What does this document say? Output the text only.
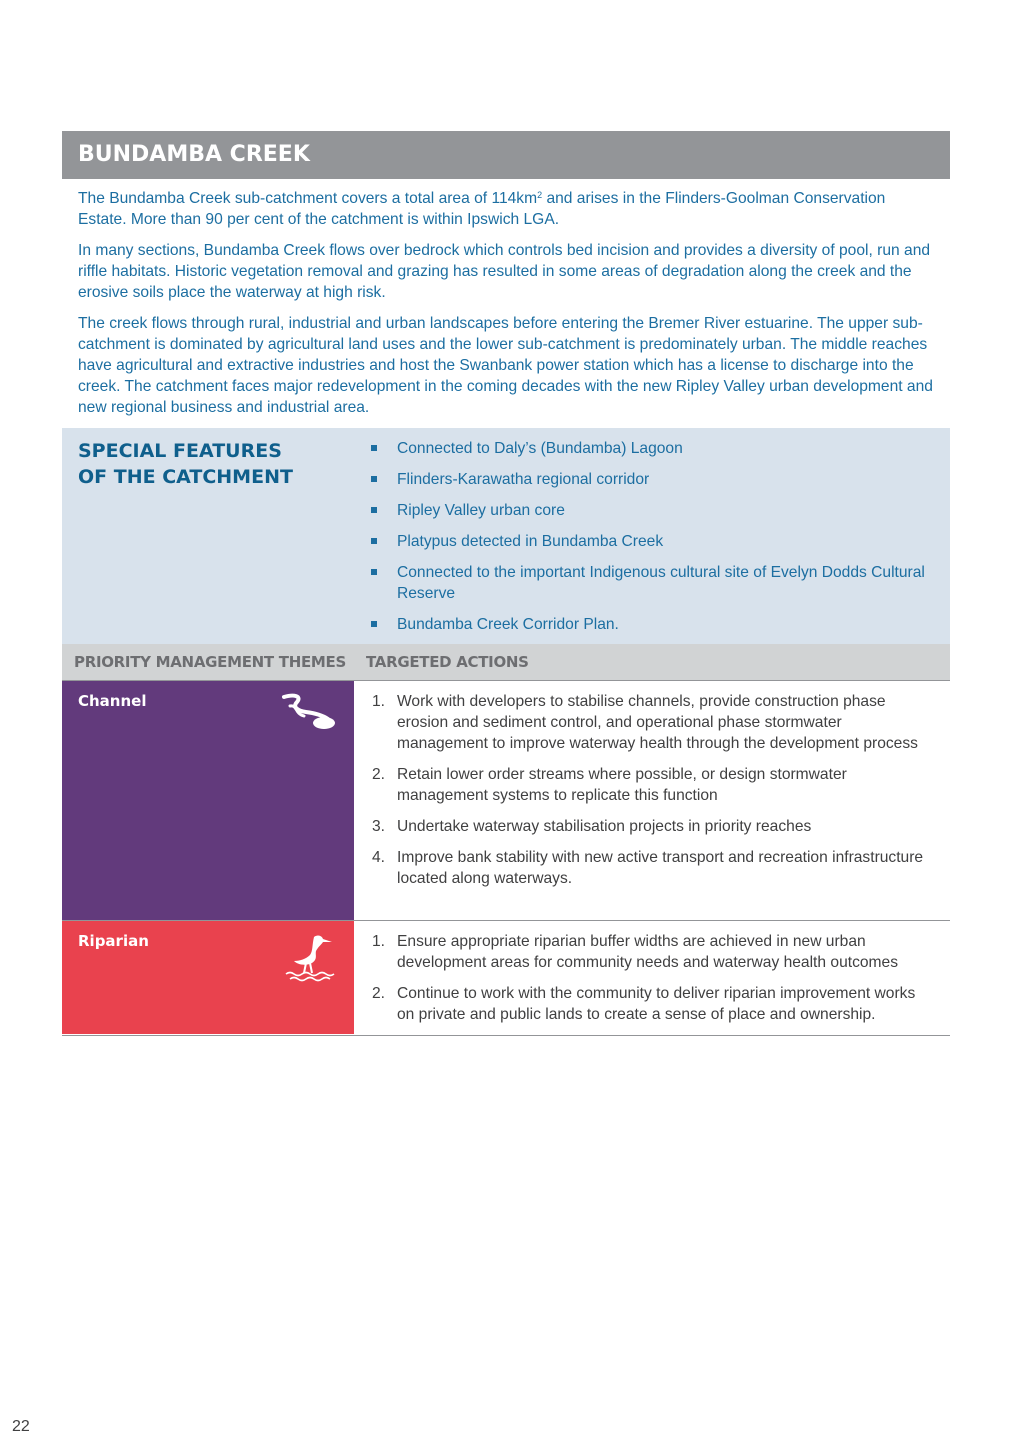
BUNDAMBA CREEK

The Bundamba Creek sub-catchment covers a total area of $114km^2$ and arises in the Flinders-Goolman Conservation Estate. More than 90 per cent of the catchment is within Ipswich LGA.

In many sections, Bundamba Creek flows over bedrock which controls bed incision and provides a diversity of pool, run and riffle habitats. Historic vegetation removal and grazing has resulted in some areas of degradation along the creek and the erosive soils place the waterway at high risk.

The creek flows through rural, industrial and urban landscapes before entering the Bremer River estuarine. The upper sub-catchment is dominated by agricultural land uses and the lower sub-catchment is predominately urban. The middle reaches have agricultural and extractive industries and host the Swanbank power station which has a license to discharge into the creek. The catchment faces major redevelopment in the coming decades with the new Ripley Valley urban development and new regional business and industrial area.

SPECIAL FEATURES
OF THE CATCHMENT
Connected to Daly’s (Bundamba) Lagoon
Flinders-Karawatha regional corridor
Ripley Valley urban core
Platypus detected in Bundamba Creek
Connected to the important Indigenous cultural site of Evelyn Dodds Cultural Reserve
Bundamba Creek Corridor Plan.
PRIORITY MANAGEMENT THEMES	TARGETED ACTIONS
Channel	1. Work with developers to stabilise channels, provide construction phase erosion and sediment control, and operational phase stormwater management to improve waterway health through the development process
2. Retain lower order streams where possible, or design stormwater management systems to replicate this function
3. Undertake waterway stabilisation projects in priority reaches
4. Improve bank stability with new active transport and recreation infrastructure located along waterways.
Riparian	1. Ensure appropriate riparian buffer widths are achieved in new urban development areas for community needs and waterway health outcomes
2. Continue to work with the community to deliver riparian improvement works on private and public lands to create a sense of place and ownership.
22
